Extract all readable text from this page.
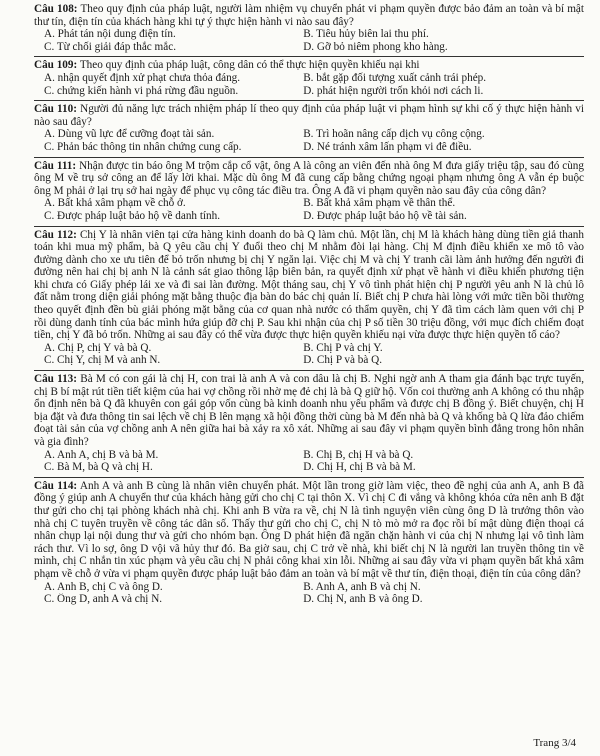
Câu 108: Theo quy định của pháp luật, người làm nhiệm vụ chuyển phát vi phạm quyền được bảo đảm an toàn và bí mật thư tín, điện tín của khách hàng khi tự ý thực hiện hành vi nào sau đây?
A. Phát tán nội dung điện tín.	B. Tiêu hủy biên lai thu phí.
C. Từ chối giải đáp thắc mắc.	D. Gỡ bỏ niêm phong kho hàng.
Câu 109: Theo quy định của pháp luật, công dân có thể thực hiện quyền khiếu nại khi
A. nhận quyết định xử phạt chưa thỏa đáng.	B. bắt gặp đối tượng xuất cảnh trái phép.
C. chứng kiến hành vi phá rừng đầu nguồn.	D. phát hiện người trốn khỏi nơi cách li.
Câu 110: Người đủ năng lực trách nhiệm pháp lí theo quy định của pháp luật vi phạm hình sự khi cố ý thực hiện hành vi nào sau đây?
A. Dùng vũ lực để cưỡng đoạt tài sản.	B. Trì hoãn nâng cấp dịch vụ công cộng.
C. Phản bác thông tin nhân chứng cung cấp.	D. Né tránh xâm lấn phạm vi đê điều.
Câu 111: Nhận được tin báo ông M trộm cắp cổ vật, ông A là công an viên đến nhà ông M đưa giấy triệu tập, sau đó cùng ông M về trụ sở công an để lấy lời khai. Mặc dù ông M đã cung cấp bằng chứng ngoại phạm nhưng ông A vẫn ép buộc ông M phải ở lại trụ sở hai ngày để phục vụ công tác điều tra. Ông A đã vi phạm quyền nào sau đây của công dân?
A. Bất khả xâm phạm về chỗ ở.	B. Bất khả xâm phạm về thân thể.
C. Được pháp luật bảo hộ về danh tính.	D. Được pháp luật bảo hộ về tài sản.
Câu 112: Chị Y là nhân viên tại cửa hàng kinh doanh do bà Q làm chủ. Một lần, chị M là khách hàng dùng tiền giả thanh toán khi mua mỹ phẩm, bà Q yêu cầu chị Y đuổi theo chị M nhằm đòi lại hàng. Chị M định điều khiển xe mô tô vào đường dành cho xe ưu tiên để bỏ trốn nhưng bị chị Y ngăn lại. Việc chị M và chị Y tranh cãi làm ảnh hưởng đến người đi đường nên hai chị bị anh N là cảnh sát giao thông lập biên bản, ra quyết định xử phạt về hành vi điều khiển phương tiện khi chưa có Giấy phép lái xe và đi sai làn đường. Một tháng sau, chị Y vô tình phát hiện chị P người yêu anh N là chủ lô đất nằm trong diện giải phóng mặt bằng thuộc địa bàn do bác chị quản lí. Biết chị P chưa hài lòng với mức tiền bồi thường theo quyết định đền bù giải phóng mặt bằng của cơ quan nhà nước có thẩm quyền, chị Y đã tìm cách làm quen với chị P rồi dùng danh tính của bác mình hứa giúp đỡ chị P. Sau khi nhận của chị P số tiền 30 triệu đồng, với mục đích chiếm đoạt tiền, chị Y đã bỏ trốn. Những ai sau đây có thể vừa được thực hiện quyền khiếu nại vừa được thực hiện quyền tố cáo?
A. Chị P, chị Y và bà Q.	B. Chị P và chị Y.
C. Chị Y, chị M và anh N.	D. Chị P và bà Q.
Câu 113: Bà M có con gái là chị H, con trai là anh A và con dâu là chị B. Nghi ngờ anh A tham gia đánh bạc trực tuyến, chị B bí mật rút tiền tiết kiệm của hai vợ chồng rồi nhờ mẹ đẻ chị là bà Q giữ hộ. Vốn coi thường anh A không có thu nhập ổn định nên bà Q đã khuyên con gái góp vốn cùng bà kinh doanh nhu yếu phẩm và được chị B đồng ý. Biết chuyện, chị H bịa đặt và đưa thông tin sai lệch về chị B lên mạng xã hội đồng thời cùng bà M đến nhà bà Q và khống bà Q lừa đảo chiếm đoạt tài sản của vợ chồng anh A nên giữa hai bà xảy ra xô xát. Những ai sau đây vi phạm quyền bình đẳng trong hôn nhân và gia đình?
A. Anh A, chị B và bà M.	B. Chị B, chị H và bà Q.
C. Bà M, bà Q và chị H.	D. Chị H, chị B và bà M.
Câu 114: Anh A và anh B cùng là nhân viên chuyển phát. Một lần trong giờ làm việc, theo đề nghị của anh A, anh B đã đồng ý giúp anh A chuyển thư của khách hàng gửi cho chị C tại thôn X. Vì chị C đi vắng và không khóa cửa nên anh B đặt thư gửi cho chị tại phòng khách nhà chị. Khi anh B vừa ra về, chị N là tình nguyện viên cùng ông D là trưởng thôn vào nhà chị C tuyên truyền về công tác dân số. Thấy thư gửi cho chị C, chị N tò mò mở ra đọc rồi bí mật dùng điện thoại cá nhân chụp lại nội dung thư và gửi cho nhóm bạn. Ông D phát hiện đã ngăn chặn hành vi của chị N nhưng lại vô tình làm rách thư. Vì lo sợ, ông D vội vã hủy thư đó. Ba giờ sau, chị C trở về nhà, khi biết chị N là người lan truyền thông tin về mình, chị C nhắn tin xúc phạm và yêu cầu chị N phải công khai xin lỗi. Những ai sau đây vừa vi phạm quyền bất khả xâm phạm về chỗ ở vừa vi phạm quyền được pháp luật bảo đảm an toàn và bí mật về thư tín, điện thoại, điện tín của công dân?
A. Anh B, chị C và ông D.	B. Anh A, anh B và chị N.
C. Ông D, anh A và chị N.	D. Chị N, anh B và ông D.
Trang 3/4
